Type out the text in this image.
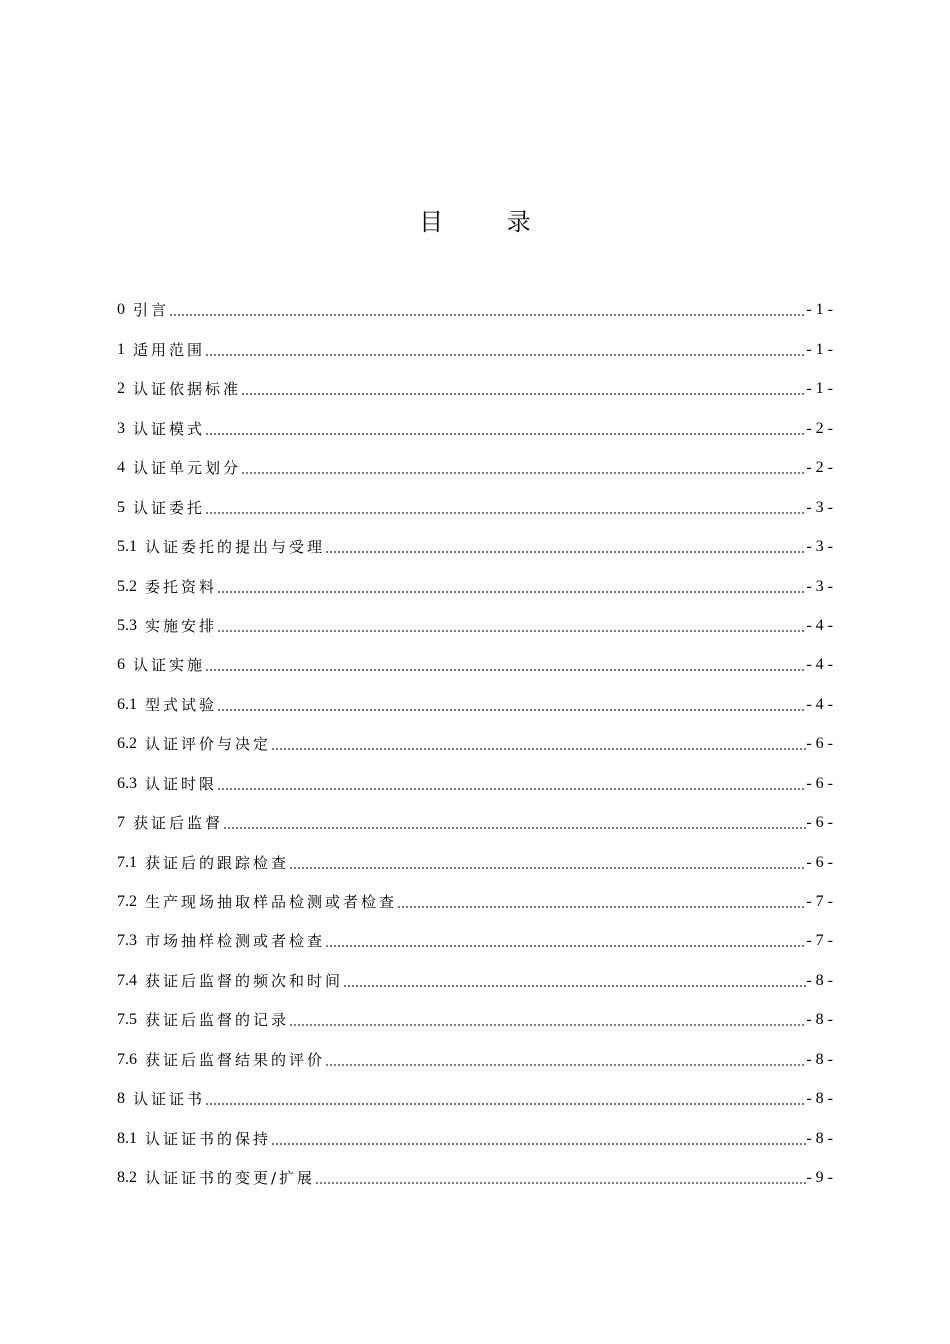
目 录
0 引言	- 1 -
1 适用范围	- 1 -
2 认证依据标准	- 1 -
3 认证模式	- 2 -
4 认证单元划分	- 2 -
5 认证委托	- 3 -
5.1 认证委托的提出与受理	- 3 -
5.2 委托资料	- 3 -
5.3 实施安排	- 4 -
6 认证实施	- 4 -
6.1 型式试验	- 4 -
6.2 认证评价与决定	- 6 -
6.3 认证时限	- 6 -
7 获证后监督	- 6 -
7.1 获证后的跟踪检查	- 6 -
7.2 生产现场抽取样品检测或者检查	- 7 -
7.3 市场抽样检测或者检查	- 7 -
7.4 获证后监督的频次和时间	- 8 -
7.5 获证后监督的记录	- 8 -
7.6 获证后监督结果的评价	- 8 -
8 认证证书	- 8 -
8.1 认证证书的保持	- 8 -
8.2 认证证书的变更/扩展	- 9 -
